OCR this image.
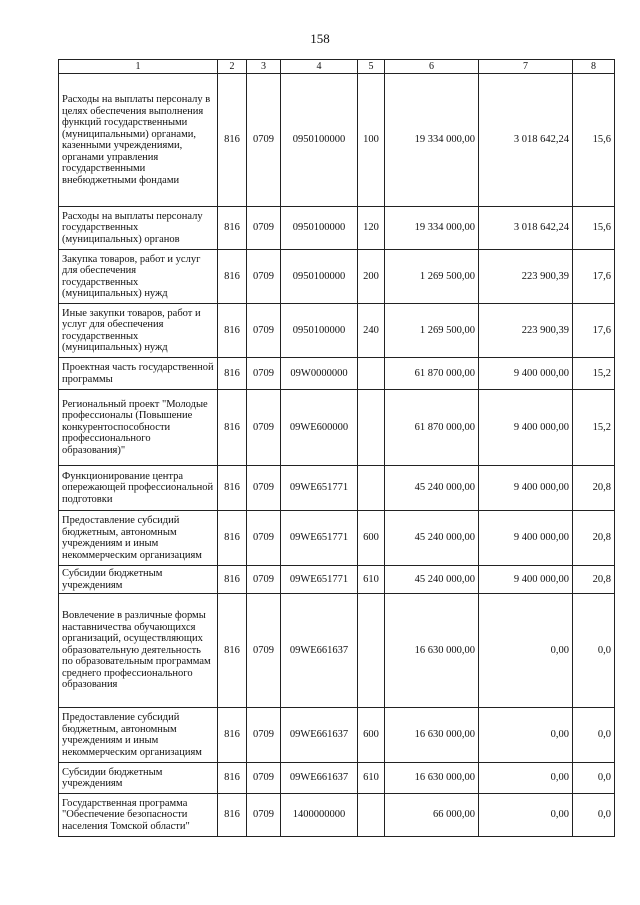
158
1	2	3	4	5	6	7	8
Расходы на выплаты персоналу в целях обеспечения выполнения функций государственными (муниципальными) органами, казенными учреждениями, органами управления государственными внебюджетными фондами	816	0709	0950100000	100	19 334 000,00	3 018 642,24	15,6
Расходы на выплаты персоналу государственных (муниципальных) органов	816	0709	0950100000	120	19 334 000,00	3 018 642,24	15,6
Закупка товаров, работ и услуг для обеспечения государственных (муниципальных) нужд	816	0709	0950100000	200	1 269 500,00	223 900,39	17,6
Иные закупки товаров, работ и услуг для обеспечения государственных (муниципальных) нужд	816	0709	0950100000	240	1 269 500,00	223 900,39	17,6
Проектная часть государственной программы	816	0709	09W0000000		61 870 000,00	9 400 000,00	15,2
Региональный проект "Молодые профессионалы (Повышение конкурентоспособности профессионального образования)"	816	0709	09WE600000		61 870 000,00	9 400 000,00	15,2
Функционирование центра опережающей профессиональной подготовки	816	0709	09WE651771		45 240 000,00	9 400 000,00	20,8
Предоставление субсидий бюджетным, автономным учреждениям и иным некоммерческим организациям	816	0709	09WE651771	600	45 240 000,00	9 400 000,00	20,8
Субсидии бюджетным учреждениям	816	0709	09WE651771	610	45 240 000,00	9 400 000,00	20,8
Вовлечение в различные формы наставничества обучающихся организаций, осуществляющих образовательную деятельность по образовательным программам среднего профессионального образования	816	0709	09WE661637		16 630 000,00	0,00	0,0
Предоставление субсидий бюджетным, автономным учреждениям и иным некоммерческим организациям	816	0709	09WE661637	600	16 630 000,00	0,00	0,0
Субсидии бюджетным учреждениям	816	0709	09WE661637	610	16 630 000,00	0,00	0,0
Государственная программа "Обеспечение безопасности населения Томской области"	816	0709	1400000000		66 000,00	0,00	0,0
